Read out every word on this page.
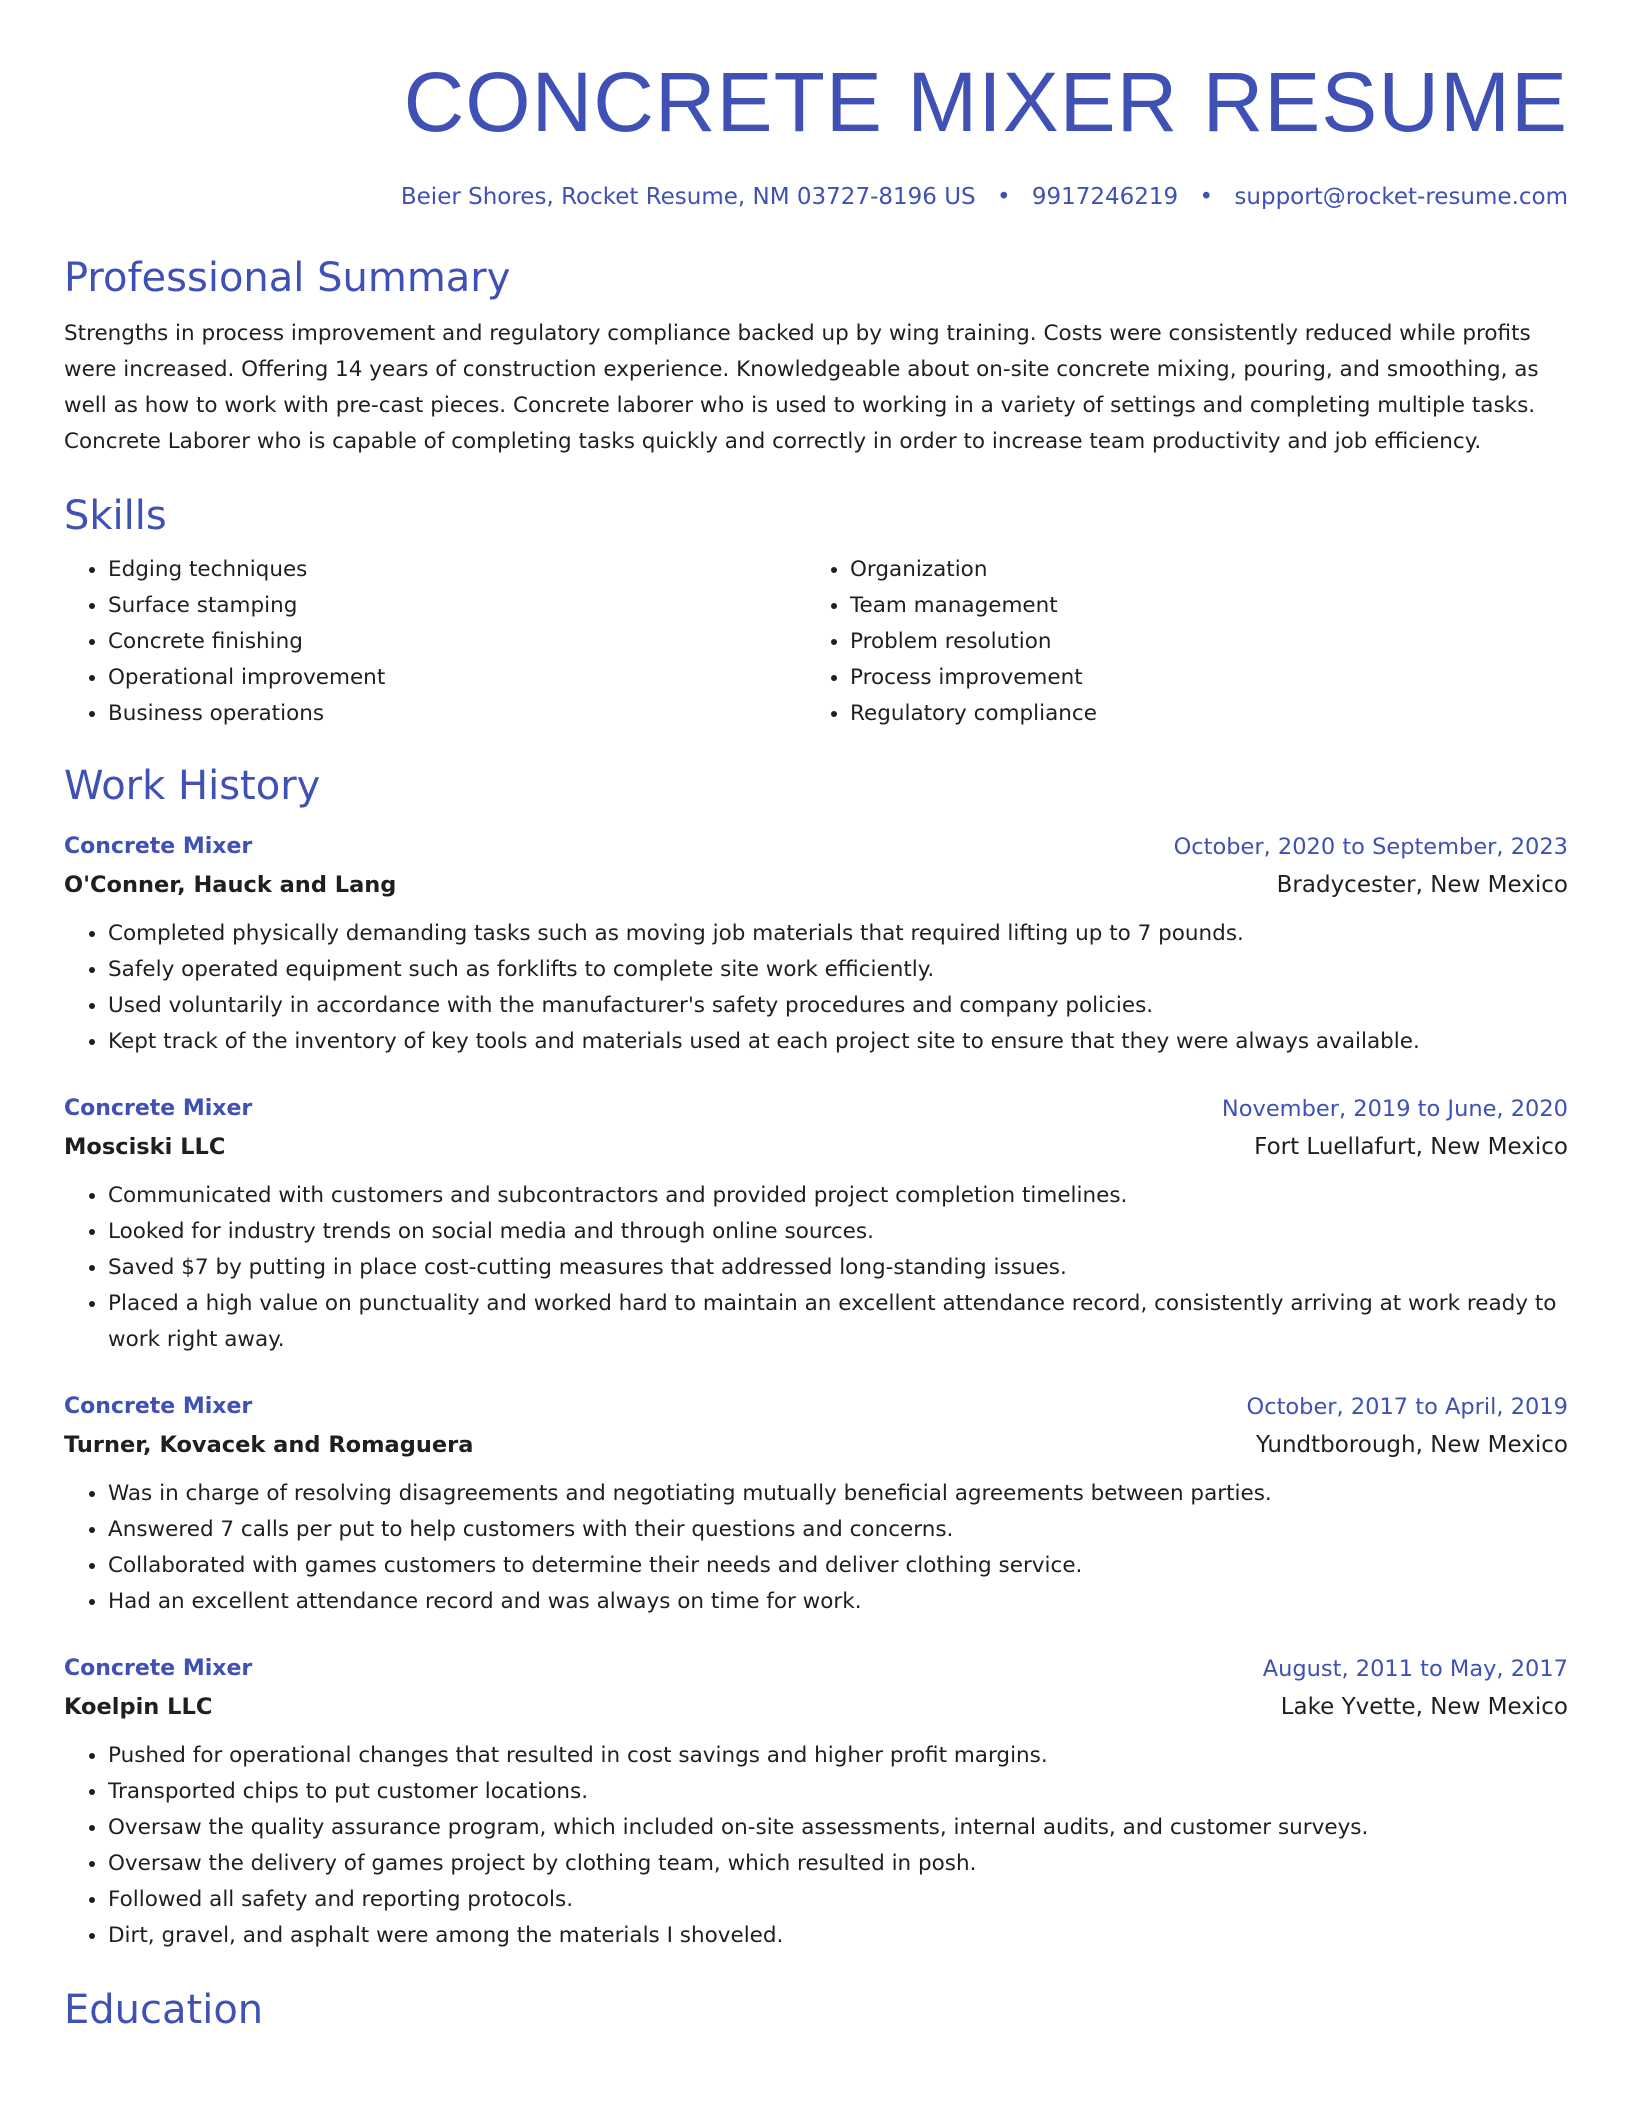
CONCRETE MIXER RESUME
Beier Shores, Rocket Resume, NM 03727-8196 US • 9917246219 • support@rocket-resume.com
Professional Summary
Strengths in process improvement and regulatory compliance backed up by wing training. Costs were consistently reduced while profits were increased. Offering 14 years of construction experience. Knowledgeable about on-site concrete mixing, pouring, and smoothing, as well as how to work with pre-cast pieces. Concrete laborer who is used to working in a variety of settings and completing multiple tasks. Concrete Laborer who is capable of completing tasks quickly and correctly in order to increase team productivity and job efficiency.
Skills
• Edging techniques
• Surface stamping
• Concrete finishing
• Operational improvement
• Business operations
• Organization
• Team management
• Problem resolution
• Process improvement
• Regulatory compliance
Work History
Concrete Mixer	October, 2020 to September, 2023
O'Conner, Hauck and Lang	Bradycester, New Mexico
• Completed physically demanding tasks such as moving job materials that required lifting up to 7 pounds.
• Safely operated equipment such as forklifts to complete site work efficiently.
• Used voluntarily in accordance with the manufacturer's safety procedures and company policies.
• Kept track of the inventory of key tools and materials used at each project site to ensure that they were always available.
Concrete Mixer	November, 2019 to June, 2020
Mosciski LLC	Fort Luellafurt, New Mexico
• Communicated with customers and subcontractors and provided project completion timelines.
• Looked for industry trends on social media and through online sources.
• Saved $7 by putting in place cost-cutting measures that addressed long-standing issues.
• Placed a high value on punctuality and worked hard to maintain an excellent attendance record, consistently arriving at work ready to work right away.
Concrete Mixer	October, 2017 to April, 2019
Turner, Kovacek and Romaguera	Yundtborough, New Mexico
• Was in charge of resolving disagreements and negotiating mutually beneficial agreements between parties.
• Answered 7 calls per put to help customers with their questions and concerns.
• Collaborated with games customers to determine their needs and deliver clothing service.
• Had an excellent attendance record and was always on time for work.
Concrete Mixer	August, 2011 to May, 2017
Koelpin LLC	Lake Yvette, New Mexico
• Pushed for operational changes that resulted in cost savings and higher profit margins.
• Transported chips to put customer locations.
• Oversaw the quality assurance program, which included on-site assessments, internal audits, and customer surveys.
• Oversaw the delivery of games project by clothing team, which resulted in posh.
• Followed all safety and reporting protocols.
• Dirt, gravel, and asphalt were among the materials I shoveled.
Education
